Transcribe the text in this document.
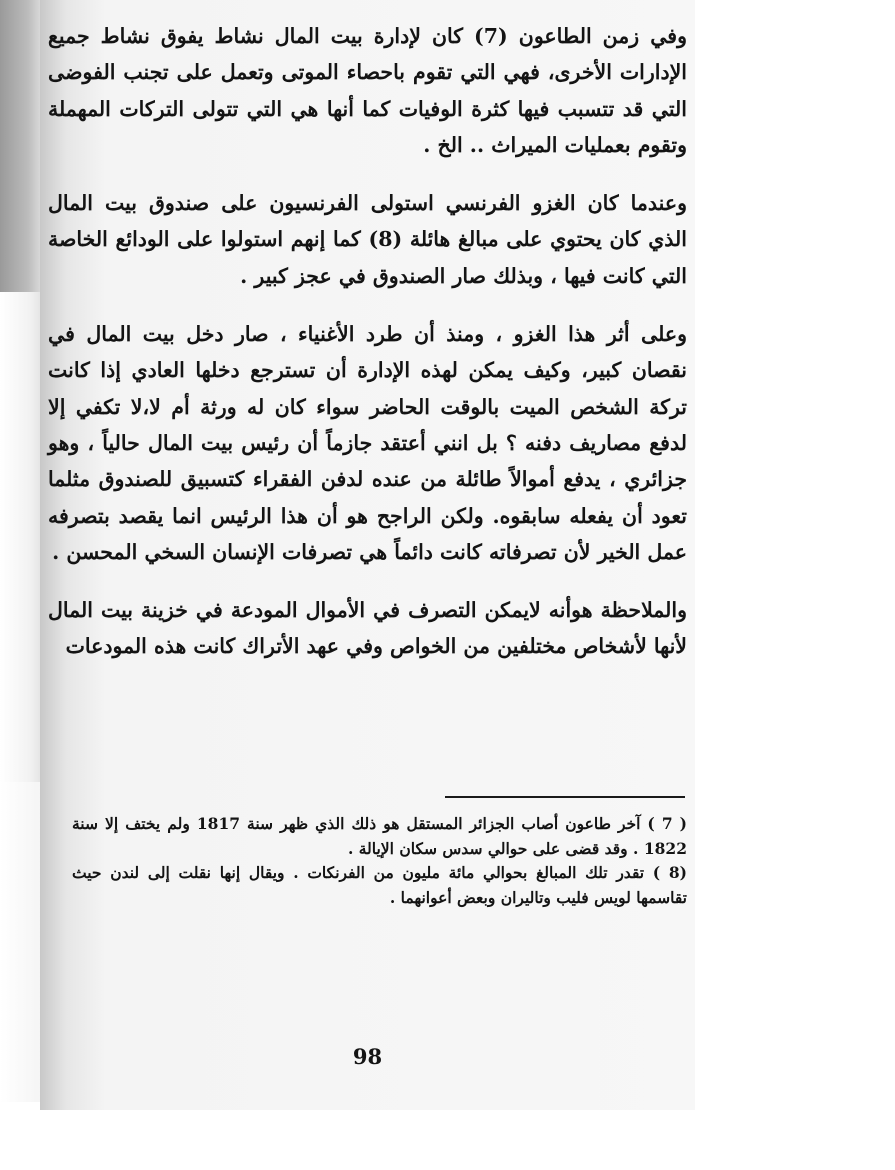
وفي زمن الطاعون (7) كان لإدارة بيت المال نشاط يفوق نشاط جميع الإدارات الأخرى، فهي التي تقوم باحصاء الموتى وتعمل على تجنب الفوضى التي قد تتسبب فيها كثرة الوفيات كما أنها هي التي تتولى التركات المهملة وتقوم بعمليات الميراث .. الخ .

وعندما كان الغزو الفرنسي استولى الفرنسيون على صندوق بيت المال الذي كان يحتوي على مبالغ هائلة (8) كما إنهم استولوا على الودائع الخاصة التي كانت فيها ، وبذلك صار الصندوق في عجز كبير .

وعلى أثر هذا الغزو ، ومنذ أن طرد الأغنياء ، صار دخل بيت المال في نقصان كبير، وكيف يمكن لهذه الإدارة أن تسترجع دخلها العادي إذا كانت تركة الشخص الميت بالوقت الحاضر سواء كان له ورثة أم لا،لا تكفي إلا لدفع مصاريف دفنه ؟ بل انني أعتقد جازماً أن رئيس بيت المال حالياً ، وهو جزائري ، يدفع أموالاً طائلة من عنده لدفن الفقراء كتسبيق للصندوق مثلما تعود أن يفعله سابقوه. ولكن الراجح هو أن هذا الرئيس انما يقصد بتصرفه عمل الخير لأن تصرفاته كانت دائماً هي تصرفات الإنسان السخي المحسن .

والملاحظة هوأنه لايمكن التصرف في الأموال المودعة في خزينة بيت المال لأنها لأشخاص مختلفين من الخواص وفي عهد الأتراك كانت هذه المودعات

( 7 ) آخر طاعون أصاب الجزائر المستقل هو ذلك الذي ظهر سنة 1817 ولم يختف إلا سنة 1822 . وقد قضى على حوالي سدس سكان الإيالة .

(8 ) تقدر تلك المبالغ بحوالي مائة مليون من الفرنكات . ويقال إنها نقلت إلى لندن حيث تقاسمها لويس فليب وتاليران وبعض أعوانهما .

98
